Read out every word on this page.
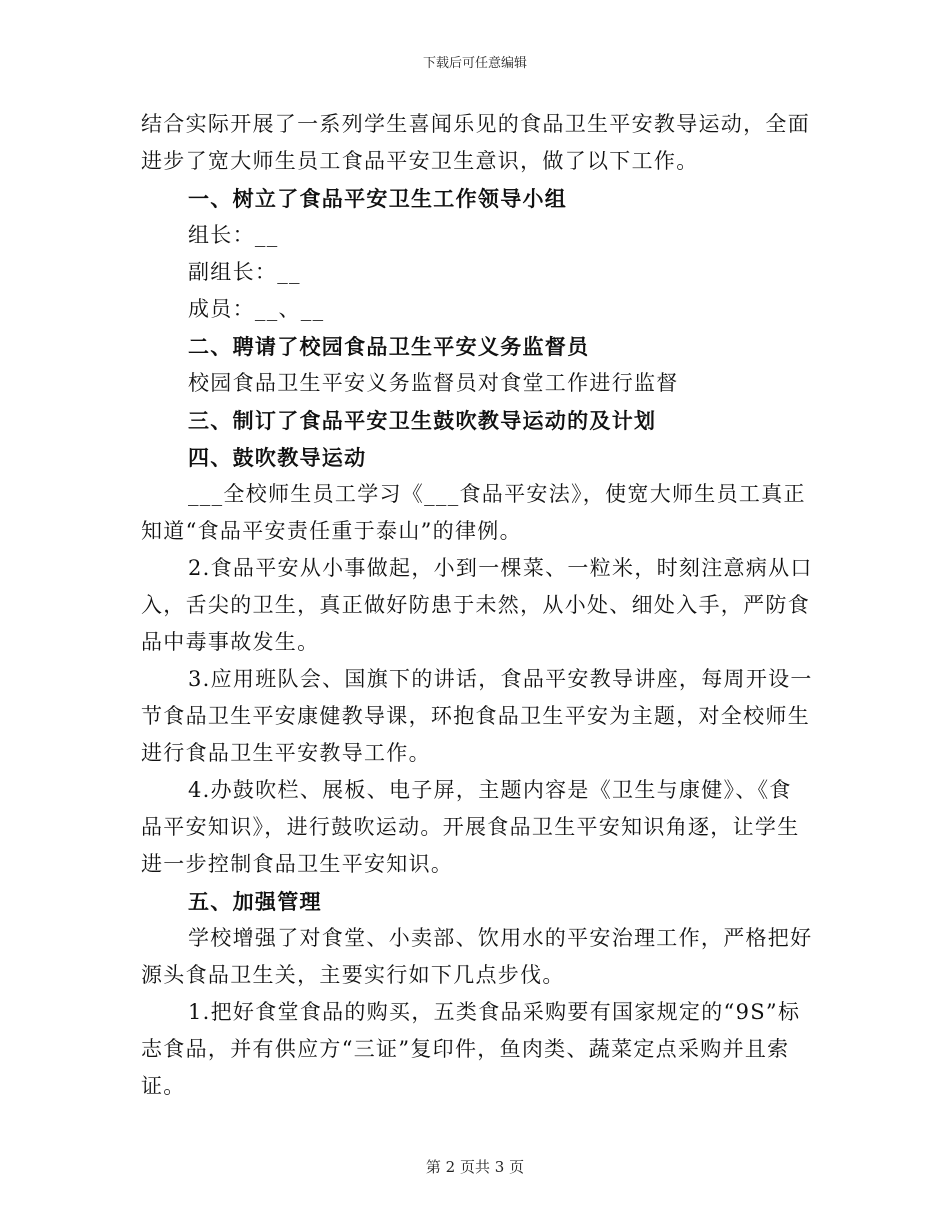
下载后可任意编辑
结合实际开展了一系列学生喜闻乐见的食品卫生平安教导运动，全面
进步了宽大师生员工食品平安卫生意识，做了以下工作。
一、树立了食品平安卫生工作领导小组
组长：__
副组长：__
成员：__、__
二、聘请了校园食品卫生平安义务监督员
校园食品卫生平安义务监督员对食堂工作进行监督
三、制订了食品平安卫生鼓吹教导运动的及计划
四、鼓吹教导运动
___全校师生员工学习《___食品平安法》，使宽大师生员工真正
知道“食品平安责任重于泰山”的律例。
2.食品平安从小事做起，小到一棵菜、一粒米，时刻注意病从口
入，舌尖的卫生，真正做好防患于未然，从小处、细处入手，严防食
品中毒事故发生。
3.应用班队会、国旗下的讲话，食品平安教导讲座，每周开设一
节食品卫生平安康健教导课，环抱食品卫生平安为主题，对全校师生
进行食品卫生平安教导工作。
4.办鼓吹栏、展板、电子屏，主题内容是《卫生与康健》、《食
品平安知识》，进行鼓吹运动。开展食品卫生平安知识角逐，让学生
进一步控制食品卫生平安知识。
五、加强管理
学校增强了对食堂、小卖部、饮用水的平安治理工作，严格把好
源头食品卫生关，主要实行如下几点步伐。
1.把好食堂食品的购买，五类食品采购要有国家规定的“9S”标
志食品，并有供应方“三证”复印件，鱼肉类、蔬菜定点采购并且索
证。
第 2 页共 3 页
